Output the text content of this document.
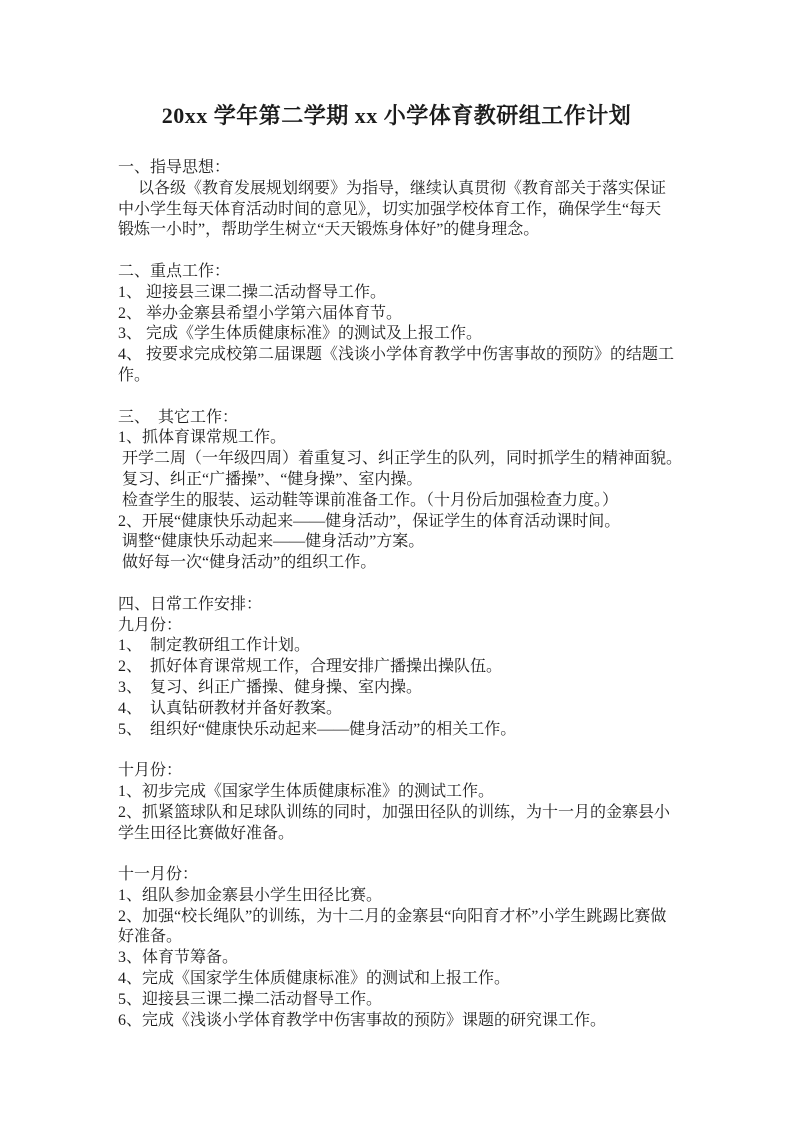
20xx 学年第二学期 xx 小学体育教研组工作计划
一、指导思想：
　 以各级《教育发展规划纲要》为指导，继续认真贯彻《教育部关于落实保证
中小学生每天体育活动时间的意见》，切实加强学校体育工作，确保学生“每天
锻炼一小时”，帮助学生树立“天天锻炼身体好”的健身理念。
二、重点工作：
1、 迎接县三课二操二活动督导工作。
2、 举办金寨县希望小学第六届体育节。
3、 完成《学生体质健康标准》的测试及上报工作。
4、 按要求完成校第二届课题《浅谈小学体育教学中伤害事故的预防》的结题工
作。
三、　其它工作：
1、抓体育课常规工作。
开学二周（一年级四周）着重复习、纠正学生的队列，同时抓学生的精神面貌。
复习、纠正“广播操”、“健身操”、室内操。
检查学生的服装、运动鞋等课前准备工作。（十月份后加强检查力度。）
2、开展“健康快乐动起来——健身活动”，保证学生的体育活动课时间。
调整“健康快乐动起来——健身活动”方案。
做好每一次“健身活动”的组织工作。
四、日常工作安排：
九月份：
1、　制定教研组工作计划。
2、　抓好体育课常规工作，合理安排广播操出操队伍。
3、　复习、纠正广播操、健身操、室内操。
4、　认真钻研教材并备好教案。
5、　组织好“健康快乐动起来——健身活动”的相关工作。
十月份：
1、初步完成《国家学生体质健康标准》的测试工作。
2、抓紧篮球队和足球队训练的同时，加强田径队的训练，为十一月的金寨县小
学生田径比赛做好准备。
十一月份：
1、组队参加金寨县小学生田径比赛。
2、加强“校长绳队”的训练，为十二月的金寨县“向阳育才杯”小学生跳踢比赛做
好准备。
3、体育节筹备。
4、完成《国家学生体质健康标准》的测试和上报工作。
5、迎接县三课二操二活动督导工作。
6、完成《浅谈小学体育教学中伤害事故的预防》课题的研究课工作。
